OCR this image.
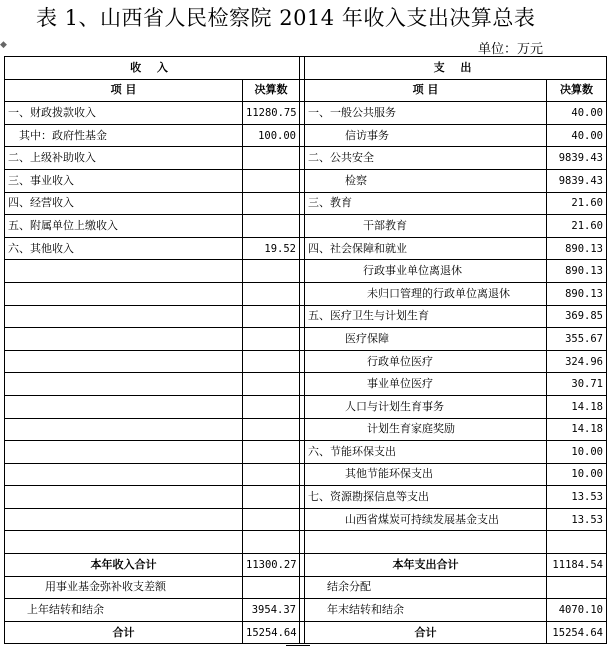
表 1、山西省人民检察院 2014 年收入支出决算总表
◆	单位：万元
收 入			支 出	
项 目	决算数		项 目	决算数
一、财政拨款收入	11280.75		一、一般公共服务	40.00
其中：政府性基金	100.00		信访事务	40.00
二、上级补助收入			二、公共安全	9839.43
三、事业收入			检察	9839.43
四、经营收入			三、教育	21.60
五、附属单位上缴收入			干部教育	21.60
六、其他收入	19.52		四、社会保障和就业	890.13
			行政事业单位离退休	890.13
			未归口管理的行政单位离退休	890.13
			五、医疗卫生与计划生育	369.85
			医疗保障	355.67
			行政单位医疗	324.96
			事业单位医疗	30.71
			人口与计划生育事务	14.18
			计划生育家庭奖励	14.18
			六、节能环保支出	10.00
			其他节能环保支出	10.00
			七、资源勘探信息等支出	13.53
			山西省煤炭可持续发展基金支出	13.53

本年收入合计	11300.27		本年支出合计	11184.54
用事业基金弥补收支差额			结余分配	
上年结转和结余	3954.37		年末结转和结余	4070.10
合计	15254.64		合计	15254.64
